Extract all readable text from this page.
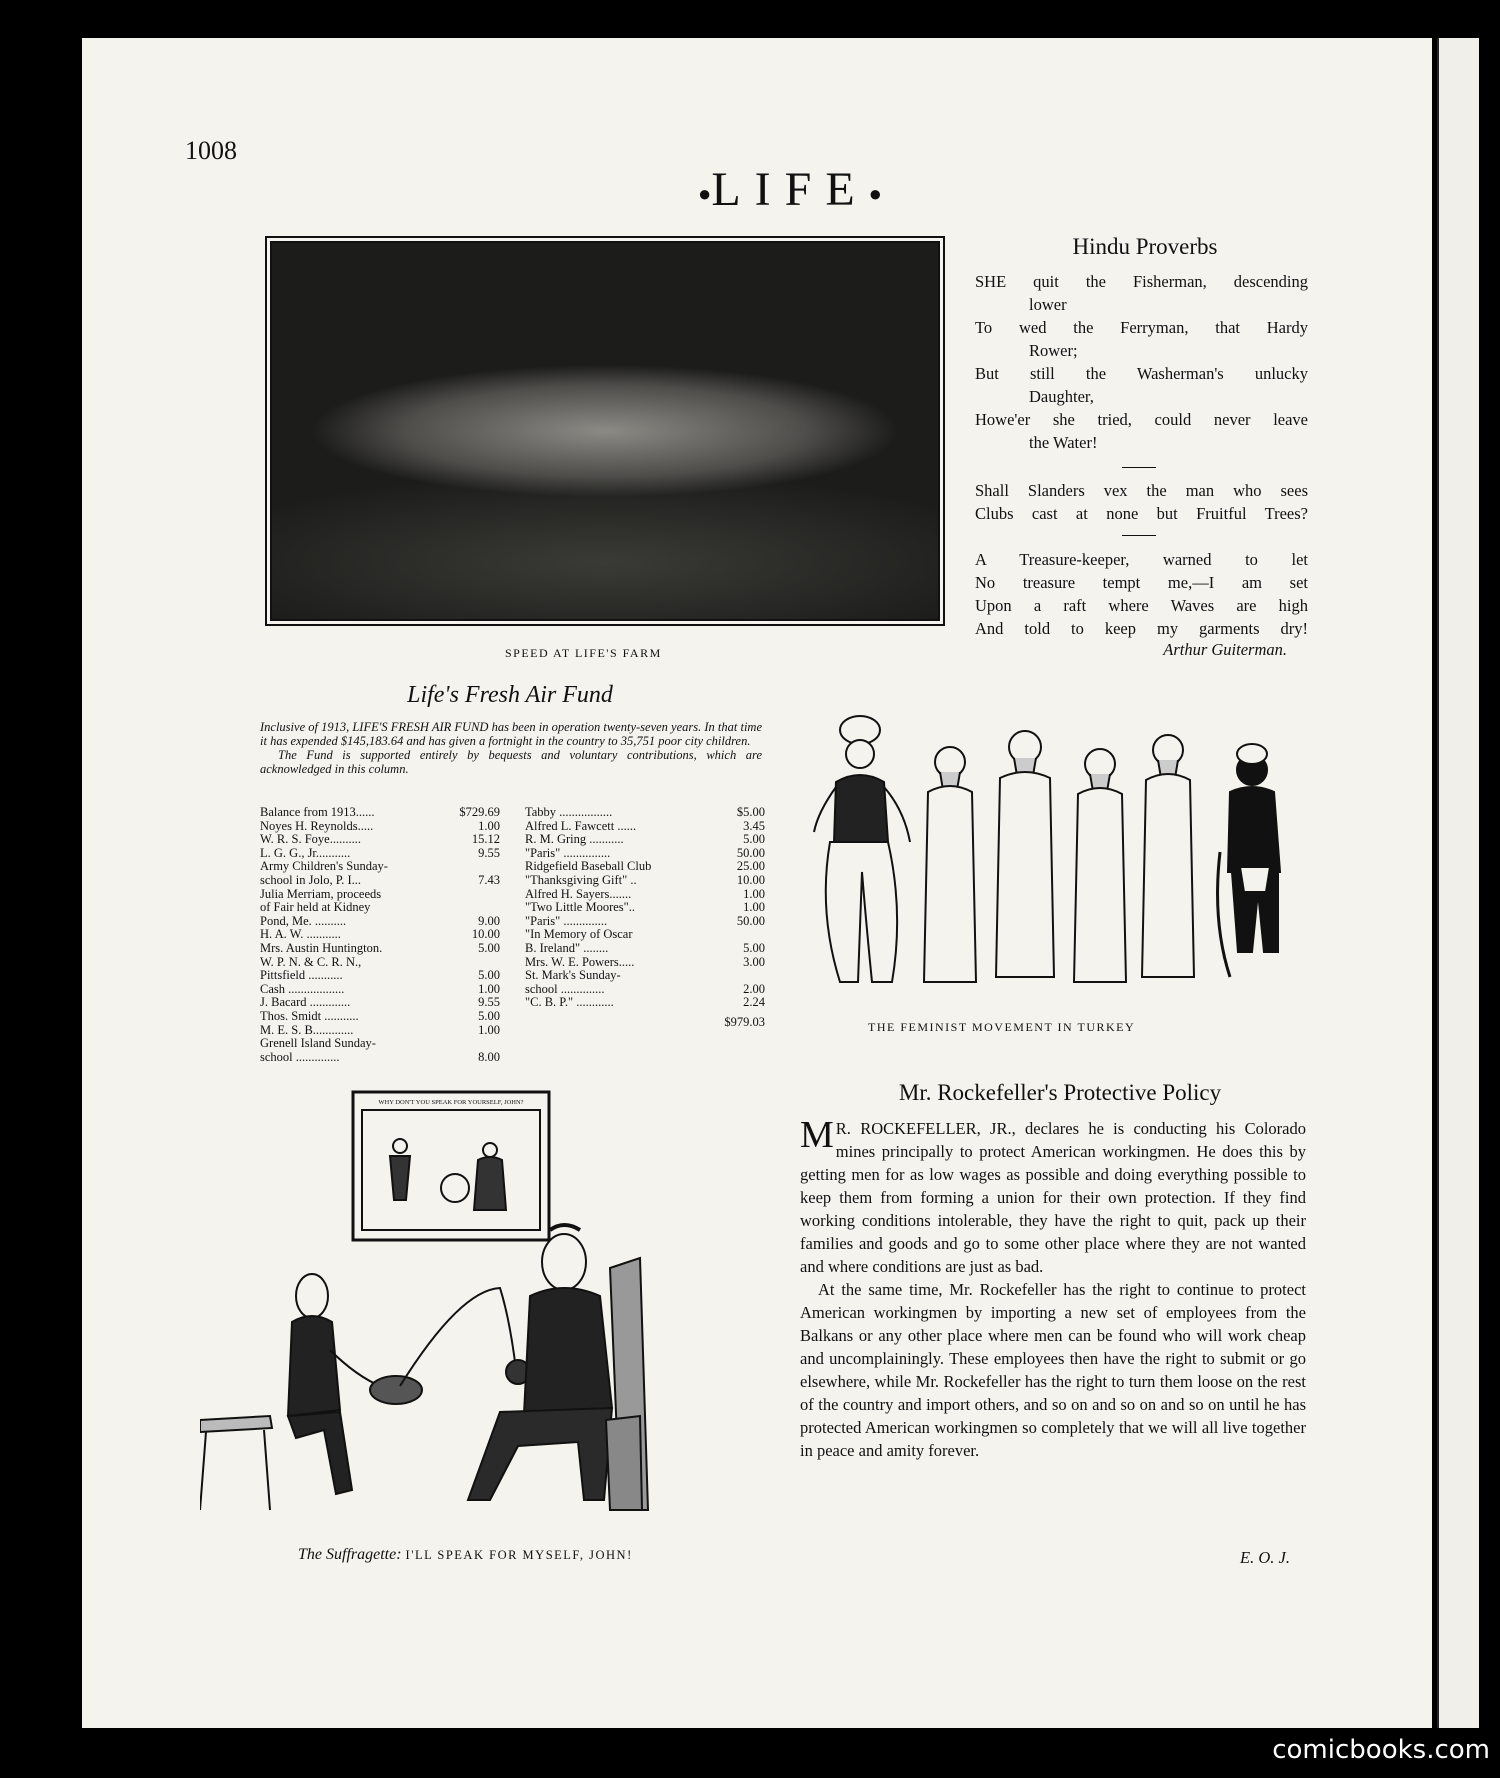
1008
●LIFE●
SPEED AT LIFE'S FARM
Hindu Proverbs
SHE quit the Fisherman, descending
lower
To wed the Ferryman, that Hardy
Rower;
But still the Washerman's unlucky
Daughter,
Howe'er she tried, could never leave
the Water!
Shall Slanders vex the man who sees
Clubs cast at none but Fruitful Trees?
A Treasure-keeper, warned to let
No treasure tempt me,—I am set
Upon a raft where Waves are high
And told to keep my garments dry!
Arthur Guiterman.
Life's Fresh Air Fund
Inclusive of 1913, LIFE'S FRESH AIR FUND has been in operation twenty-seven years. In that time it has expended $145,183.64 and has given a fortnight in the country to 35,751 poor city children.
The Fund is supported entirely by bequests and voluntary contributions, which are acknowledged in this column.
Balance from 1913......	$729.69
Noyes H. Reynolds.....	1.00
W. R. S. Foye..........	15.12
L. G. G., Jr...........	9.55
Army Children's Sunday-
school in Jolo, P. I...	7.43
Julia Merriam, proceeds
of Fair held at Kidney
Pond, Me. ..........	9.00
H. A. W. ...........	10.00
Mrs. Austin Huntington.	5.00
W. P. N. & C. R. N.,
Pittsfield ...........	5.00
Cash ..................	1.00
J. Bacard .............	9.55
Thos. Smidt ...........	5.00
M. E. S. B.............	1.00
Grenell Island Sunday-
school ..............	8.00
Tabby .................	$5.00
Alfred L. Fawcett ......	3.45
R. M. Gring ...........	5.00
"Paris" ...............	50.00
Ridgefield Baseball Club	25.00
"Thanksgiving Gift" ..	10.00
Alfred H. Sayers.......	1.00
"Two Little Moores"..	1.00
"Paris" ..............	50.00
"In Memory of Oscar
B. Ireland" ........	5.00
Mrs. W. E. Powers.....	3.00
St. Mark's Sunday-
school ..............	2.00
"C. B. P." ............	2.24
$979.03	THE FEMINIST MOVEMENT IN TURKEY
WHY DON'T YOU SPEAK FOR YOURSELF, JOHN?
The Suffragette: I'LL SPEAK FOR MYSELF, JOHN!
Mr. Rockefeller's Protective Policy

M R. ROCKEFELLER, JR., declares he is conducting his Colorado mines principally to protect American workingmen. He does this by getting men for as low wages as possible and doing everything possible to keep them from forming a union for their own protection. If they find working conditions intolerable, they have the right to quit, pack up their families and goods and go to some other place where they are not wanted and where conditions are just as bad.

At the same time, Mr. Rockefeller has the right to continue to protect American workingmen by importing a new set of employees from the Balkans or any other place where men can be found who will work cheap and uncomplainingly. These employees then have the right to submit or go elsewhere, while Mr. Rockefeller has the right to turn them loose on the rest of the country and import others, and so on and so on and so on until he has protected American workingmen so completely that we will all live together in peace and amity forever.

E. O. J.
comicbooks.com
